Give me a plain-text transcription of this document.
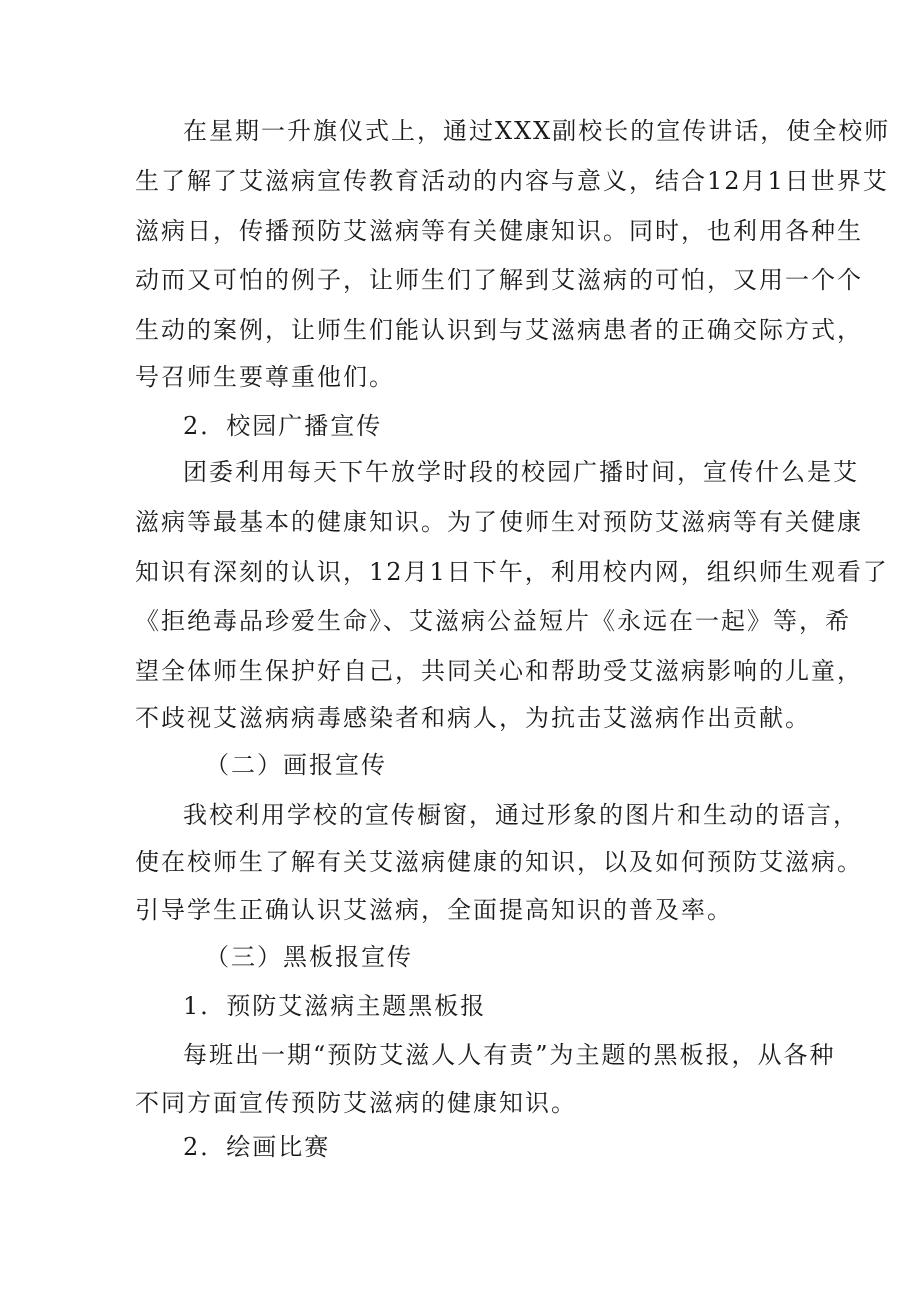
在星期一升旗仪式上，通过XXX副校长的宣传讲话，使全校师
生了解了艾滋病宣传教育活动的内容与意义，结合12月1日世界艾
滋病日，传播预防艾滋病等有关健康知识。同时，也利用各种生
动而又可怕的例子，让师生们了解到艾滋病的可怕，又用一个个
生动的案例，让师生们能认识到与艾滋病患者的正确交际方式，
号召师生要尊重他们。
2．校园广播宣传
团委利用每天下午放学时段的校园广播时间，宣传什么是艾
滋病等最基本的健康知识。为了使师生对预防艾滋病等有关健康
知识有深刻的认识，12月1日下午，利用校内网，组织师生观看了
《拒绝毒品珍爱生命》、艾滋病公益短片《永远在一起》等，希
望全体师生保护好自己，共同关心和帮助受艾滋病影响的儿童，
不歧视艾滋病病毒感染者和病人，为抗击艾滋病作出贡献。
（二）画报宣传
我校利用学校的宣传橱窗，通过形象的图片和生动的语言，
使在校师生了解有关艾滋病健康的知识，以及如何预防艾滋病。
引导学生正确认识艾滋病，全面提高知识的普及率。
（三）黑板报宣传
1．预防艾滋病主题黑板报
每班出一期“预防艾滋人人有责”为主题的黑板报，从各种
不同方面宣传预防艾滋病的健康知识。
2．绘画比赛
